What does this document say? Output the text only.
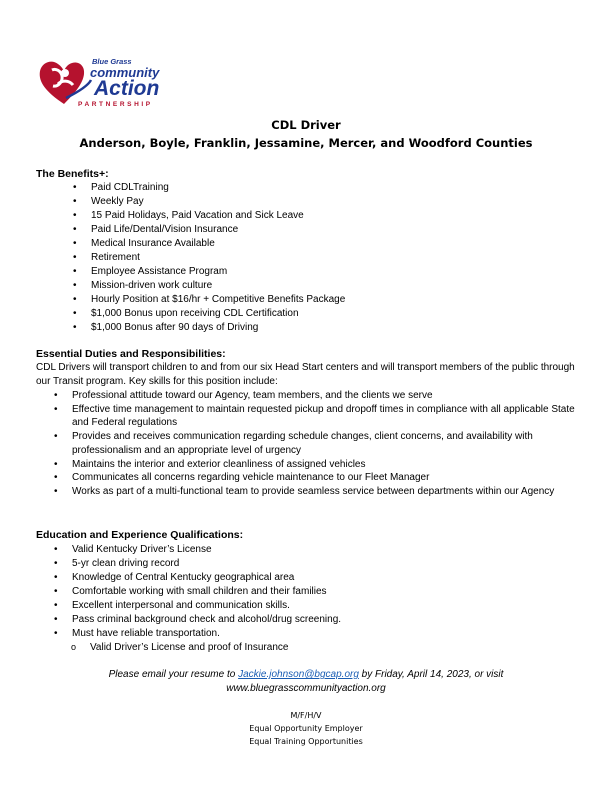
Blue Grass
community
Action
PARTNERSHIP
CDL Driver
Anderson, Boyle, Franklin, Jessamine, Mercer, and Woodford Counties
The Benefits+:
• Paid CDLTraining
• Weekly Pay
• 15 Paid Holidays, Paid Vacation and Sick Leave
• Paid Life/Dental/Vision Insurance
• Medical Insurance Available
• Retirement
• Employee Assistance Program
• Mission-driven work culture
• Hourly Position at $16/hr + Competitive Benefits Package
• $1,000 Bonus upon receiving CDL Certification
• $1,000 Bonus after 90 days of Driving
Essential Duties and Responsibilities:
CDL Drivers will transport children to and from our six Head Start centers and will transport members of the public through our Transit program. Key skills for this position include:
• Professional attitude toward our Agency, team members, and the clients we serve
• Effective time management to maintain requested pickup and dropoff times in compliance with all applicable State and Federal regulations
• Provides and receives communication regarding schedule changes, client concerns, and availability with professionalism and an appropriate level of urgency
• Maintains the interior and exterior cleanliness of assigned vehicles
• Communicates all concerns regarding vehicle maintenance to our Fleet Manager
• Works as part of a multi-functional team to provide seamless service between departments within our Agency
Education and Experience Qualifications:
• Valid Kentucky Driver’s License
• 5-yr clean driving record
• Knowledge of Central Kentucky geographical area
• Comfortable working with small children and their families
• Excellent interpersonal and communication skills.
• Pass criminal background check and alcohol/drug screening.
• Must have reliable transportation.
o Valid Driver’s License and proof of Insurance
Please email your resume to Jackie.johnson@bgcap.org by Friday, April 14, 2023, or visit
www.bluegrasscommunityaction.org
M/F/H/V
Equal Opportunity Employer
Equal Training Opportunities
